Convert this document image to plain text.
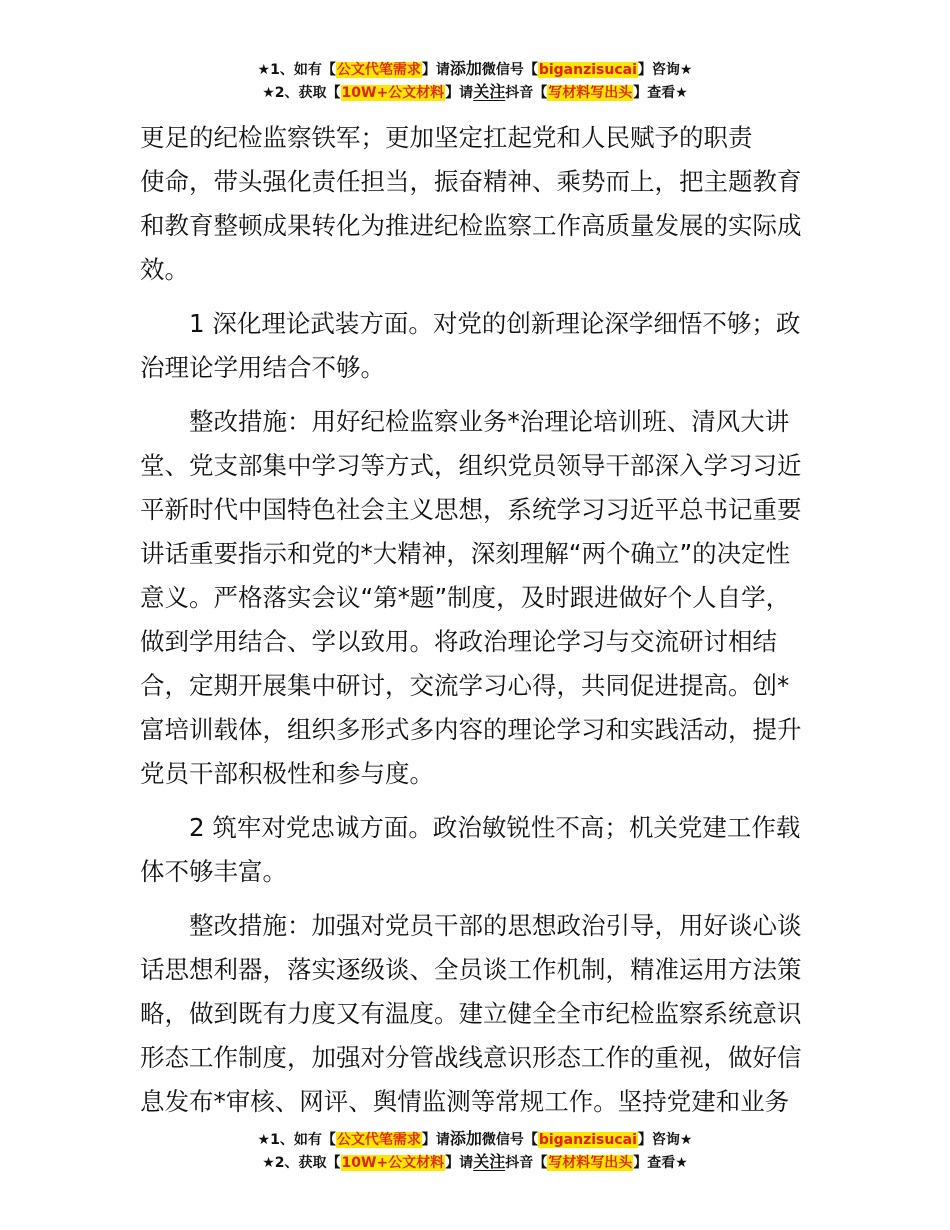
★1、如有【公文代笔需求】请添加微信号【biganzisucai】咨询★
★2、获取【10W+公文材料】请关注抖音【写材料写出头】查看★

更足的纪检监察铁军；更加坚定扛起党和人民赋予的职责
使命，带头强化责任担当，振奋精神、乘势而上，把主题教育
和教育整顿成果转化为推进纪检监察工作高质量发展的实际成
效。

1 深化理论武装方面。对党的创新理论深学细悟不够；政
治理论学用结合不够。

整改措施：用好纪检监察业务*治理论培训班、清风大讲
堂、党支部集中学习等方式，组织党员领导干部深入学习习近
平新时代中国特色社会主义思想，系统学习习近平总书记重要
讲话重要指示和党的*大精神，深刻理解“两个确立”的决定性
意义。严格落实会议“第*题”制度，及时跟进做好个人自学，
做到学用结合、学以致用。将政治理论学习与交流研讨相结
合，定期开展集中研讨，交流学习心得，共同促进提高。创*
富培训载体，组织多形式多内容的理论学习和实践活动，提升
党员干部积极性和参与度。

2 筑牢对党忠诚方面。政治敏锐性不高；机关党建工作载
体不够丰富。

整改措施：加强对党员干部的思想政治引导，用好谈心谈
话思想利器，落实逐级谈、全员谈工作机制，精准运用方法策
略，做到既有力度又有温度。建立健全全市纪检监察系统意识
形态工作制度，加强对分管战线意识形态工作的重视，做好信
息发布*审核、网评、舆情监测等常规工作。坚持党建和业务

★1、如有【公文代笔需求】请添加微信号【biganzisucai】咨询★
★2、获取【10W+公文材料】请关注抖音【写材料写出头】查看★
